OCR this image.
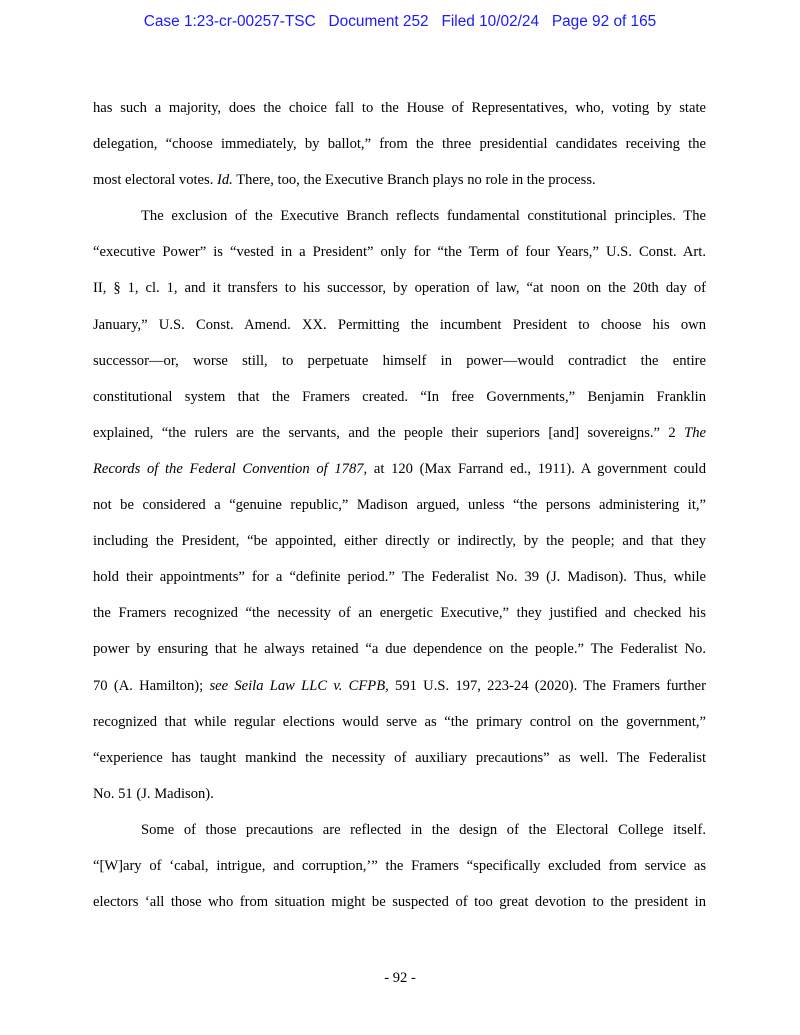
Case 1:23-cr-00257-TSC Document 252 Filed 10/02/24 Page 92 of 165
has such a majority, does the choice fall to the House of Representatives, who, voting by state
delegation, “choose immediately, by ballot,” from the three presidential candidates receiving the
most electoral votes. Id. There, too, the Executive Branch plays no role in the process.
The exclusion of the Executive Branch reflects fundamental constitutional principles. The
“executive Power” is “vested in a President” only for “the Term of four Years,” U.S. Const. Art.
II, § 1, cl. 1, and it transfers to his successor, by operation of law, “at noon on the 20th day of
January,” U.S. Const. Amend. XX. Permitting the incumbent President to choose his own
successor—or, worse still, to perpetuate himself in power—would contradict the entire
constitutional system that the Framers created. “In free Governments,” Benjamin Franklin
explained, “the rulers are the servants, and the people their superiors [and] sovereigns.” 2 The
Records of the Federal Convention of 1787, at 120 (Max Farrand ed., 1911). A government could
not be considered a “genuine republic,” Madison argued, unless “the persons administering it,”
including the President, “be appointed, either directly or indirectly, by the people; and that they
hold their appointments” for a “definite period.” The Federalist No. 39 (J. Madison). Thus, while
the Framers recognized “the necessity of an energetic Executive,” they justified and checked his
power by ensuring that he always retained “a due dependence on the people.” The Federalist No.
70 (A. Hamilton); see Seila Law LLC v. CFPB, 591 U.S. 197, 223-24 (2020). The Framers further
recognized that while regular elections would serve as “the primary control on the government,”
“experience has taught mankind the necessity of auxiliary precautions” as well. The Federalist
No. 51 (J. Madison).
Some of those precautions are reflected in the design of the Electoral College itself.
“[W]ary of ‘cabal, intrigue, and corruption,’” the Framers “specifically excluded from service as
electors ‘all those who from situation might be suspected of too great devotion to the president in
- 92 -
